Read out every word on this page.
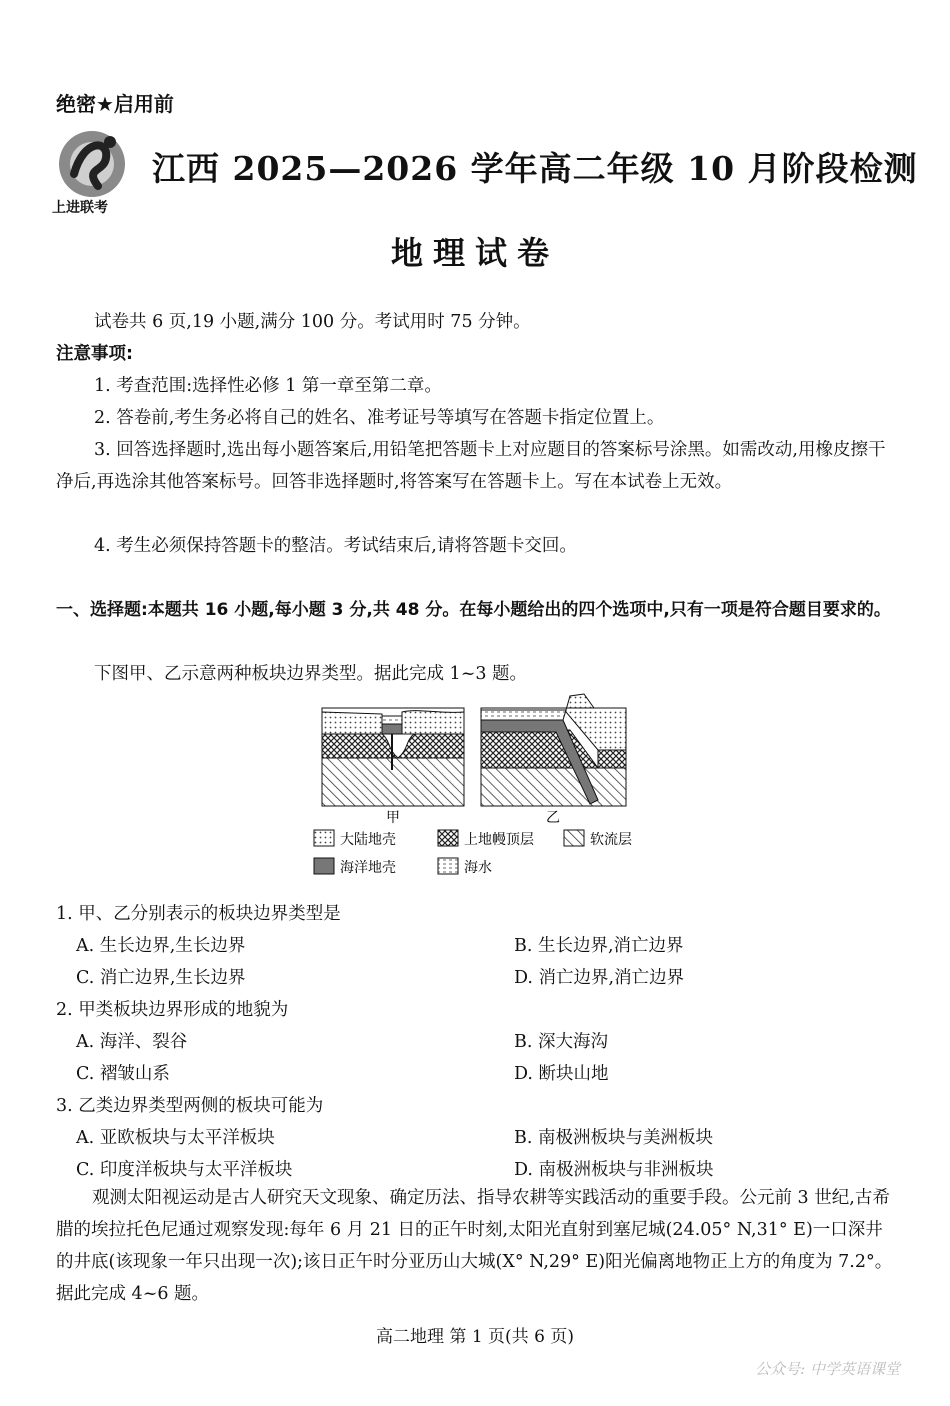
绝密★启用前
上进联考
江西 2025—2026 学年高二年级 10 月阶段检测
地理试卷
试卷共 6 页,19 小题,满分 100 分。考试用时 75 分钟。
注意事项:
1. 考查范围:选择性必修 1 第一章至第二章。
2. 答卷前,考生务必将自己的姓名、准考证号等填写在答题卡指定位置上。
3. 回答选择题时,选出每小题答案后,用铅笔把答题卡上对应题目的答案标号涂黑。如需改动,用橡皮擦干净后,再选涂其他答案标号。回答非选择题时,将答案写在答题卡上。写在本试卷上无效。
4. 考生必须保持答题卡的整洁。考试结束后,请将答题卡交回。
一、选择题:本题共 16 小题,每小题 3 分,共 48 分。在每小题给出的四个选项中,只有一项是符合题目要求的。
下图甲、乙示意两种板块边界类型。据此完成 1~3 题。
甲	乙
大陆地壳	上地幔顶层	软流层
海洋地壳	海水
1. 甲、乙分别表示的板块边界类型是
A. 生长边界,生长边界	B. 生长边界,消亡边界
C. 消亡边界,生长边界	D. 消亡边界,消亡边界
2. 甲类板块边界形成的地貌为
A. 海洋、裂谷	B. 深大海沟
C. 褶皱山系	D. 断块山地
3. 乙类边界类型两侧的板块可能为
A. 亚欧板块与太平洋板块	B. 南极洲板块与美洲板块
C. 印度洋板块与太平洋板块	D. 南极洲板块与非洲板块
观测太阳视运动是古人研究天文现象、确定历法、指导农耕等实践活动的重要手段。公元前 3 世纪,古希腊的埃拉托色尼通过观察发现:每年 6 月 21 日的正午时刻,太阳光直射到塞尼城(24.05° N,31° E)一口深井的井底(该现象一年只出现一次);该日正午时分亚历山大城(X° N,29° E)阳光偏离地物正上方的角度为 7.2°。据此完成 4~6 题。
高二地理 第 1 页(共 6 页)
公众号: 中学英语课堂
